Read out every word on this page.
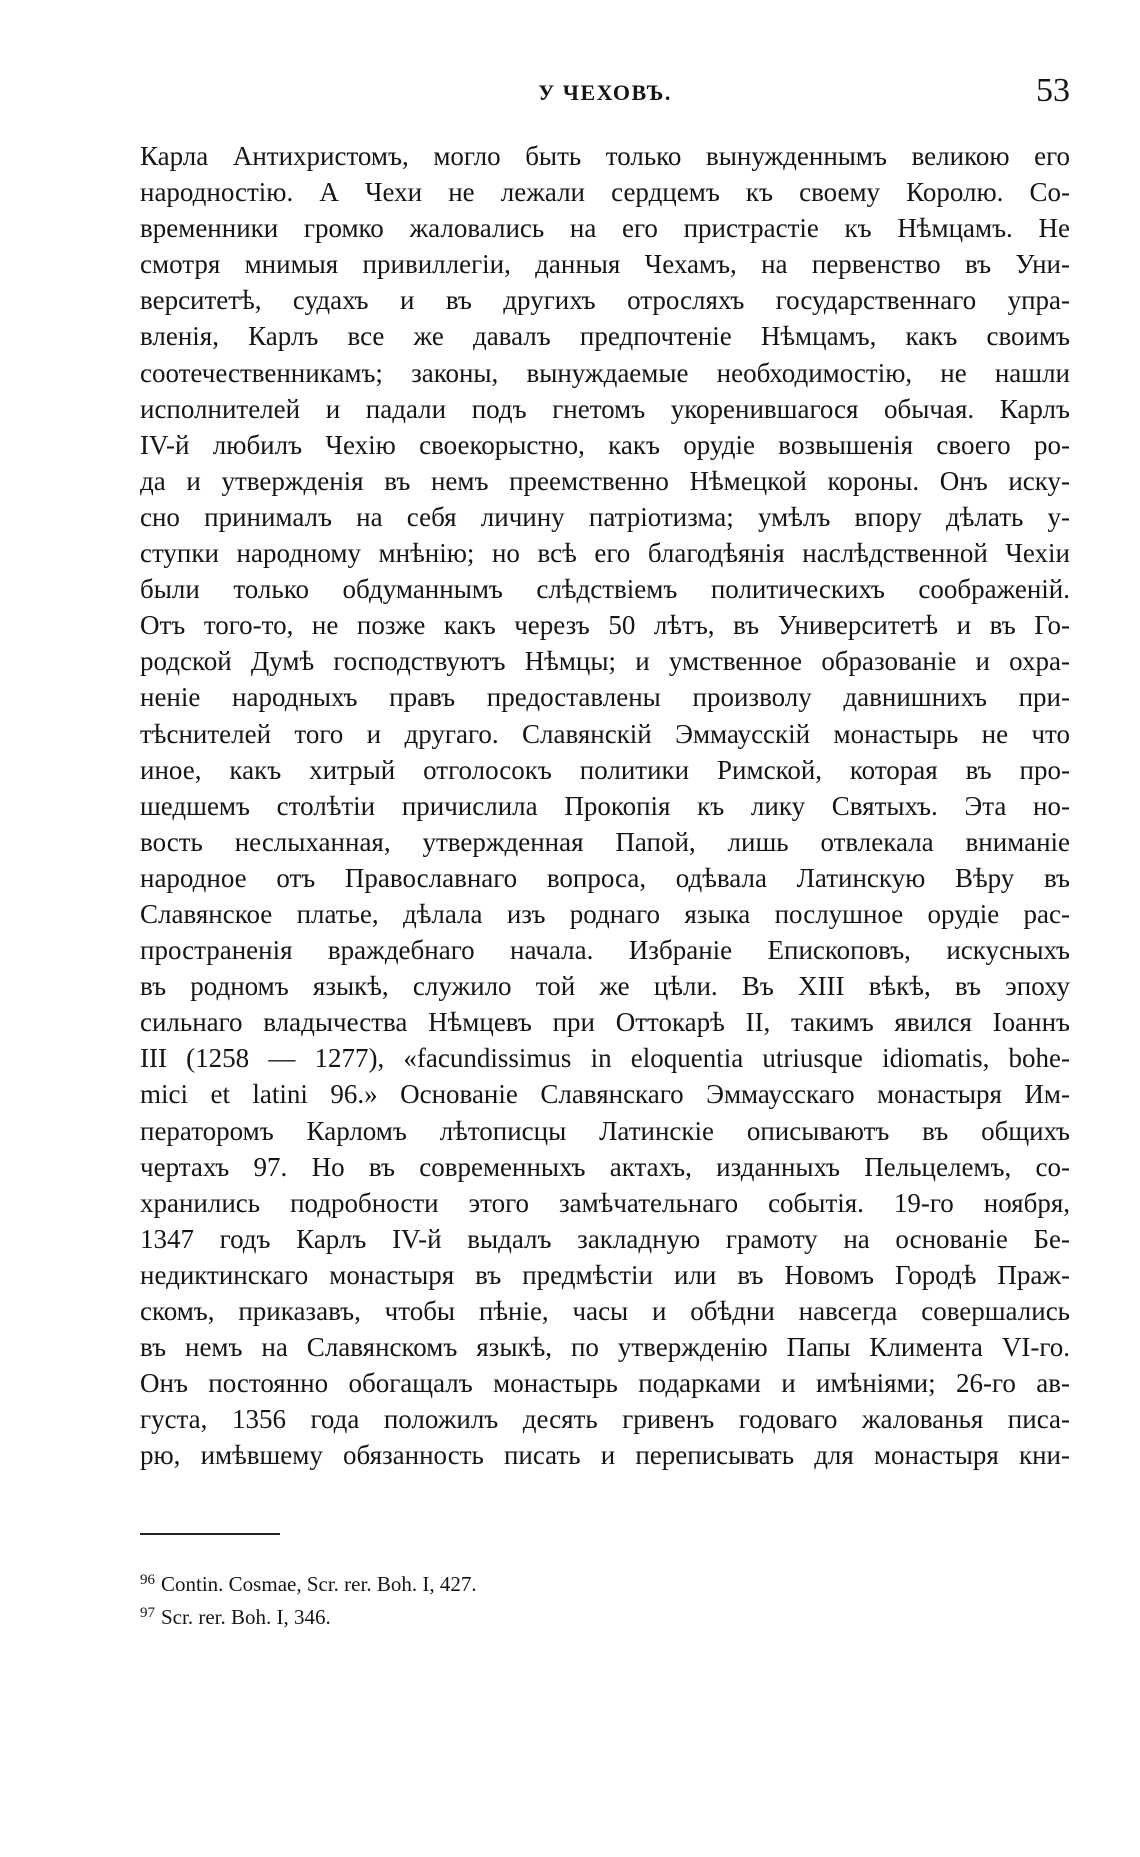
У ЧЕХОВЪ.	53
Карла Антихристомъ, могло быть только вынужденнымъ великою его
народностію. А Чехи не лежали сердцемъ къ своему Королю. Со-
временники громко жаловались на его пристрастіе къ Нѣмцамъ. Не
смотря мнимыя привиллегіи, данныя Чехамъ, на первенство въ Уни-
верситетѣ, судахъ и въ другихъ отросляхъ государственнаго упра-
вленія, Карлъ все же давалъ предпочтеніе Нѣмцамъ, какъ своимъ
соотечественникамъ; законы, вынуждаемые необходимостію, не нашли
исполнителей и падали подъ гнетомъ укоренившагося обычая. Карлъ
IV-й любилъ Чехію своекорыстно, какъ орудіе возвышенія своего ро-
да и утвержденія въ немъ преемственно Нѣмецкой короны. Онъ иску-
сно принималъ на себя личину патріотизма; умѣлъ впору дѣлать у-
ступки народному мнѣнію; но всѣ его благодѣянія наслѣдственной Чехіи
были только обдуманнымъ слѣдствіемъ политическихъ соображеній.
Отъ того-то, не позже какъ черезъ 50 лѣтъ, въ Университетѣ и въ Го-
родской Думѣ господствуютъ Нѣмцы; и умственное образованіе и охра-
неніе народныхъ правъ предоставлены произволу давнишнихъ при-
тѣснителей того и другаго. Славянскій Эммаусскій монастырь не что
иное, какъ хитрый отголосокъ политики Римской, которая въ про-
шедшемъ столѣтіи причислила Прокопія къ лику Святыхъ. Эта но-
вость неслыханная, утвержденная Папой, лишь отвлекала вниманіе
народное отъ Православнаго вопроса, одѣвала Латинскую Вѣру въ
Славянское платье, дѣлала изъ роднаго языка послушное орудіе рас-
пространенія враждебнаго начала. Избраніе Епископовъ, искусныхъ
въ родномъ языкѣ, служило той же цѣли. Въ XIII вѣкѣ, въ эпоху
сильнаго владычества Нѣмцевъ при Оттокарѣ II, такимъ явился Іоаннъ
III (1258 — 1277), «facundissimus in eloquentia utriusque idiomatis, bohe-
mici et latini 96.» Основаніе Славянскаго Эммаусскаго монастыря Им-
ператоромъ Карломъ лѣтописцы Латинскіе описываютъ въ общихъ
чертахъ 97. Но въ современныхъ актахъ, изданныхъ Пельцелемъ, со-
хранились подробности этого замѣчательнаго событія. 19-го ноября,
1347 годъ Карлъ IV-й выдалъ закладную грамоту на основаніе Бе-
недиктинскаго монастыря въ предмѣстіи или въ Новомъ Городѣ Праж-
скомъ, приказавъ, чтобы пѣніе, часы и обѣдни навсегда совершались
въ немъ на Славянскомъ языкѣ, по утвержденію Папы Климента VI-го.
Онъ постоянно обогащалъ монастырь подарками и имѣніями; 26-го ав-
густа, 1356 года положилъ десять гривенъ годоваго жалованья писа-
рю, имѣвшему обязанность писать и переписывать для монастыря кни-
$^{96}$ Contin. Cosmae, Scr. rer. Boh. I, 427.
$^{97}$ Scr. rer. Boh. I, 346.
